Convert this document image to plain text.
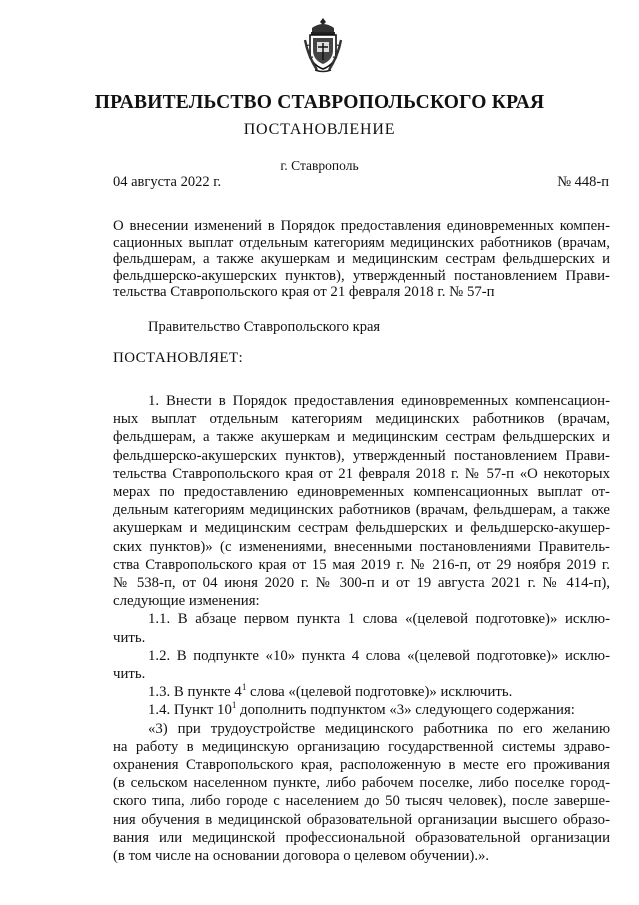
ПРАВИТЕЛЬСТВО СТАВРОПОЛЬСКОГО КРАЯ
ПОСТАНОВЛЕНИЕ
г. Ставрополь
04 августа 2022 г.	№ 448-п
О внесении изменений в Порядок предоставления единовременных компен-
сационных выплат отдельным категориям медицинских работников (врачам,
фельдшерам, а также акушеркам и медицинским сестрам фельдшерских и
фельдшерско-акушерских пунктов), утвержденный постановлением Прави-
тельства Ставропольского края от 21 февраля 2018 г. № 57-п
Правительство Ставропольского края
ПОСТАНОВЛЯЕТ:
1. Внести в Порядок предоставления единовременных компенсацион-
ных выплат отдельным категориям медицинских работников (врачам,
фельдшерам, а также акушеркам и медицинским сестрам фельдшерских и
фельдшерско-акушерских пунктов), утвержденный постановлением Прави-
тельства Ставропольского края от 21 февраля 2018 г. № 57-п «О некоторых
мерах по предоставлению единовременных компенсационных выплат от-
дельным категориям медицинских работников (врачам, фельдшерам, а также
акушеркам и медицинским сестрам фельдшерских и фельдшерско-акушер-
ских пунктов)» (с изменениями, внесенными постановлениями Правитель-
ства Ставропольского края от 15 мая 2019 г. № 216-п, от 29 ноября 2019 г.
№ 538-п, от 04 июня 2020 г. № 300-п и от 19 августа 2021 г. № 414-п),
следующие изменения:
1.1. В абзаце первом пункта 1 слова «(целевой подготовке)» исклю-
чить.
1.2. В подпункте «10» пункта 4 слова «(целевой подготовке)» исклю-
чить.
1.3. В пункте $4^1$ слова «(целевой подготовке)» исключить.
1.4. Пункт $10^1$ дополнить подпунктом «3» следующего содержания:
«3) при трудоустройстве медицинского работника по его желанию
на работу в медицинскую организацию государственной системы здраво-
охранения Ставропольского края, расположенную в месте его проживания
(в сельском населенном пункте, либо рабочем поселке, либо поселке город-
ского типа, либо городе с населением до 50 тысяч человек), после заверше-
ния обучения в медицинской образовательной организации высшего образо-
вания или медицинской профессиональной образовательной организации
(в том числе на основании договора о целевом обучении).».
